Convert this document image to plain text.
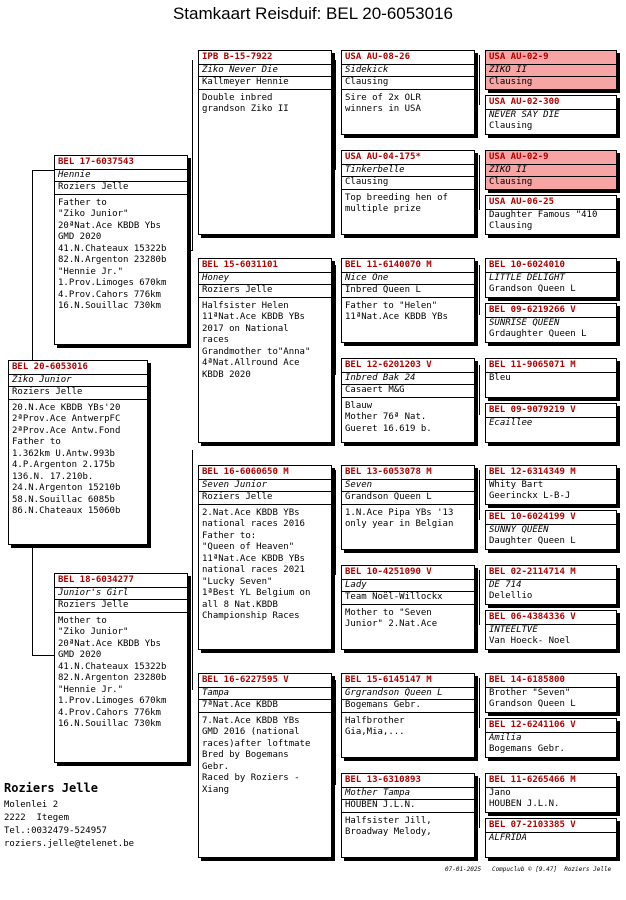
Stamkaart Reisduif: BEL 20-6053016
BEL 20-6053016
Ziko Junior
Roziers Jelle
20.N.Ace KBDB YBs'20
2ªProv.Ace AntwerpFC
2ªProv.Ace Antw.Fond
Father to
1.362km U.Antw.993b
4.P.Argenton 2.175b
136.N. 17.210b.
24.N.Argenton 15210b
58.N.Souillac 6085b
86.N.Chateaux 15060b
BEL 17-6037543
Hennie
Roziers Jelle
Father to
"Ziko Junior"
20ªNat.Ace KBDB Ybs
GMD 2020
41.N.Chateaux 15322b
82.N.Argenton 23280b
"Hennie Jr."
1.Prov.Limoges 670km
4.Prov.Cahors 776km
16.N.Souillac 730km
BEL 18-6034277
Junior's Girl
Roziers Jelle
Mother to
"Ziko Junior"
20ªNat.Ace KBDB Ybs
GMD 2020
41.N.Chateaux 15322b
82.N.Argenton 23280b
"Hennie Jr."
1.Prov.Limoges 670km
4.Prov.Cahors 776km
16.N.Souillac 730km
IPB B-15-7922
Ziko Never Die
Kallmeyer Hennie
Double inbred
grandson Ziko II
BEL 15-6031101
Honey
Roziers Jelle
Halfsister Helen
11ªNat.Ace KBDB YBs
2017 on National
races
Grandmother to"Anna"
4ªNat.Allround Ace
KBDB 2020
BEL 16-6060650 M
Seven Junior
Roziers Jelle
2.Nat.Ace KBDB YBs
national races 2016
Father to:
"Queen of Heaven"
11ªNat.Ace KBDB YBs
national races 2021
"Lucky Seven"
1ªBest YL Belgium on
all 8 Nat.KBDB
Championship Races
BEL 16-6227595 V
Tampa
7ªNat.Ace KBDB
7.Nat.Ace KBDB YBs
GMD 2016 (national
races)after loftmate
Bred by Bogemans
Gebr.
Raced by Roziers -
Xiang
USA AU-08-26
Sidekick
Clausing
Sire of 2x OLR
winners in USA
USA AU-04-175*
Tinkerbelle
Clausing
Top breeding hen of
multiple prize
BEL 11-6140070 M
Nice One
Inbred Queen L
Father to "Helen"
11ªNat.Ace KBDB YBs
BEL 12-6201203 V
Inbred Bak 24
Casaert M&G
Blauw
Mother 76ª Nat.
Gueret 16.619 b.
BEL 13-6053078 M
Seven
Grandson Queen L
1.N.Ace Pipa YBs '13
only year in Belgian
BEL 10-4251090 V
Lady
Team Noël-Willockx
Mother to "Seven
Junior" 2.Nat.Ace
BEL 15-6145147 M
Grgrandson Queen L
Bogemans Gebr.
Halfbrother
Gia,Mia,...
BEL 13-6310893
Mother Tampa
HOUBEN J.L.N.
Halfsister Jill,
Broadway Melody,
USA AU-02-9
ZIKO II
Clausing
USA AU-02-300
NEVER SAY DIE
Clausing
USA AU-02-9
ZIKO II
Clausing
USA AU-06-25
Daughter Famous "410
Clausing
BEL 10-6024010
LITTLE DELIGHT
Grandson Queen L
BEL 09-6219266 V
SUNRISE QUEEN
Grdaughter Queen L
BEL 11-9065071 M
Bleu
BEL 09-9079219 V
Ecaillee
BEL 12-6314349 M
Whity Bart
Geerinckx L-B-J
BEL 10-6024199 V
SUNNY QUEEN
Daughter Queen L
BEL 02-2114714 M
DE 714
Delellio
BEL 06-4384336 V
INTEELTVE
Van Hoeck- Noel
BEL 14-6185800
Brother "Seven"
Grandson Queen L
BEL 12-6241106 V
Amilia
Bogemans Gebr.
BEL 11-6265466 M
Jano
HOUBEN J.L.N.
BEL 07-2103385 V
ALFRIDA
Roziers Jelle
Molenlei 2
2222  Itegem
Tel.:0032479-524957
roziers.jelle@telenet.be
07-01-2025   Compuclub © [9.47]  Roziers Jelle
